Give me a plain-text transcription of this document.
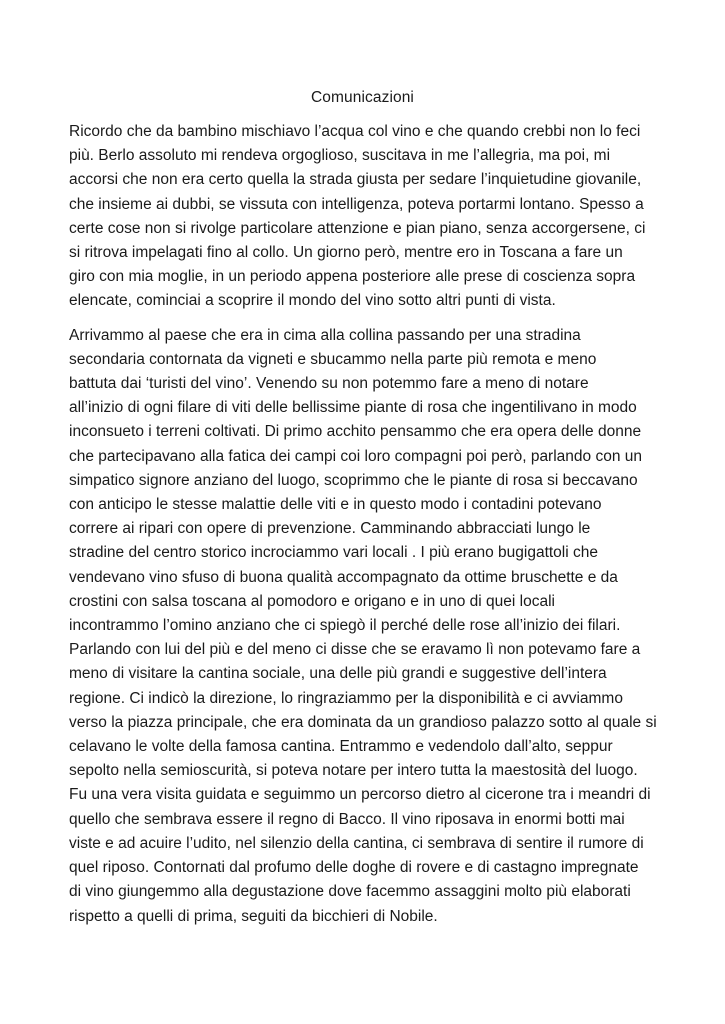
Comunicazioni

Ricordo che da bambino mischiavo l’acqua col vino e che quando crebbi non lo feci
più. Berlo assoluto mi rendeva orgoglioso, suscitava in me l’allegria, ma poi, mi
accorsi che non era certo quella la strada giusta per sedare l’inquietudine giovanile,
che insieme ai dubbi, se vissuta con intelligenza, poteva portarmi lontano. Spesso a
certe cose non si rivolge particolare attenzione e pian piano, senza accorgersene, ci
si ritrova impelagati fino al collo. Un giorno però, mentre ero in Toscana a fare un
giro con mia moglie, in un periodo appena posteriore alle prese di coscienza sopra
elencate, cominciai a scoprire il mondo del vino sotto altri punti di vista.

Arrivammo al paese che era in cima alla collina passando per una stradina
secondaria contornata da vigneti e sbucammo nella parte più remota e meno
battuta dai ‘turisti del vino’. Venendo su non potemmo fare a meno di notare
all’inizio di ogni filare di viti delle bellissime piante di rosa che ingentilivano in modo
inconsueto i terreni coltivati. Di primo acchito pensammo che era opera delle donne
che partecipavano alla fatica dei campi coi loro compagni poi però, parlando con un
simpatico signore anziano del luogo, scoprimmo che le piante di rosa si beccavano
con anticipo le stesse malattie delle viti e in questo modo i contadini potevano
correre ai ripari con opere di prevenzione. Camminando abbracciati lungo le
stradine del centro storico incrociammo vari locali . I più erano bugigattoli che
vendevano vino sfuso di buona qualità accompagnato da ottime bruschette e da
crostini con salsa toscana al pomodoro e origano e in uno di quei locali
incontrammo l’omino anziano che ci spiegò il perché delle rose all’inizio dei filari.
Parlando con lui del più e del meno ci disse che se eravamo lì non potevamo fare a
meno di visitare la cantina sociale, una delle più grandi e suggestive dell’intera
regione. Ci indicò la direzione, lo ringraziammo per la disponibilità e ci avviammo
verso la piazza principale, che era dominata da un grandioso palazzo sotto al quale si
celavano le volte della famosa cantina. Entrammo e vedendolo dall’alto, seppur
sepolto nella semioscurità, si poteva notare per intero tutta la maestosità del luogo.
Fu una vera visita guidata e seguimmo un percorso dietro al cicerone tra i meandri di
quello che sembrava essere il regno di Bacco. Il vino riposava in enormi botti mai
viste e ad acuire l’udito, nel silenzio della cantina, ci sembrava di sentire il rumore di
quel riposo. Contornati dal profumo delle doghe di rovere e di castagno impregnate
di vino giungemmo alla degustazione dove facemmo assaggini molto più elaborati
rispetto a quelli di prima, seguiti da bicchieri di Nobile.
